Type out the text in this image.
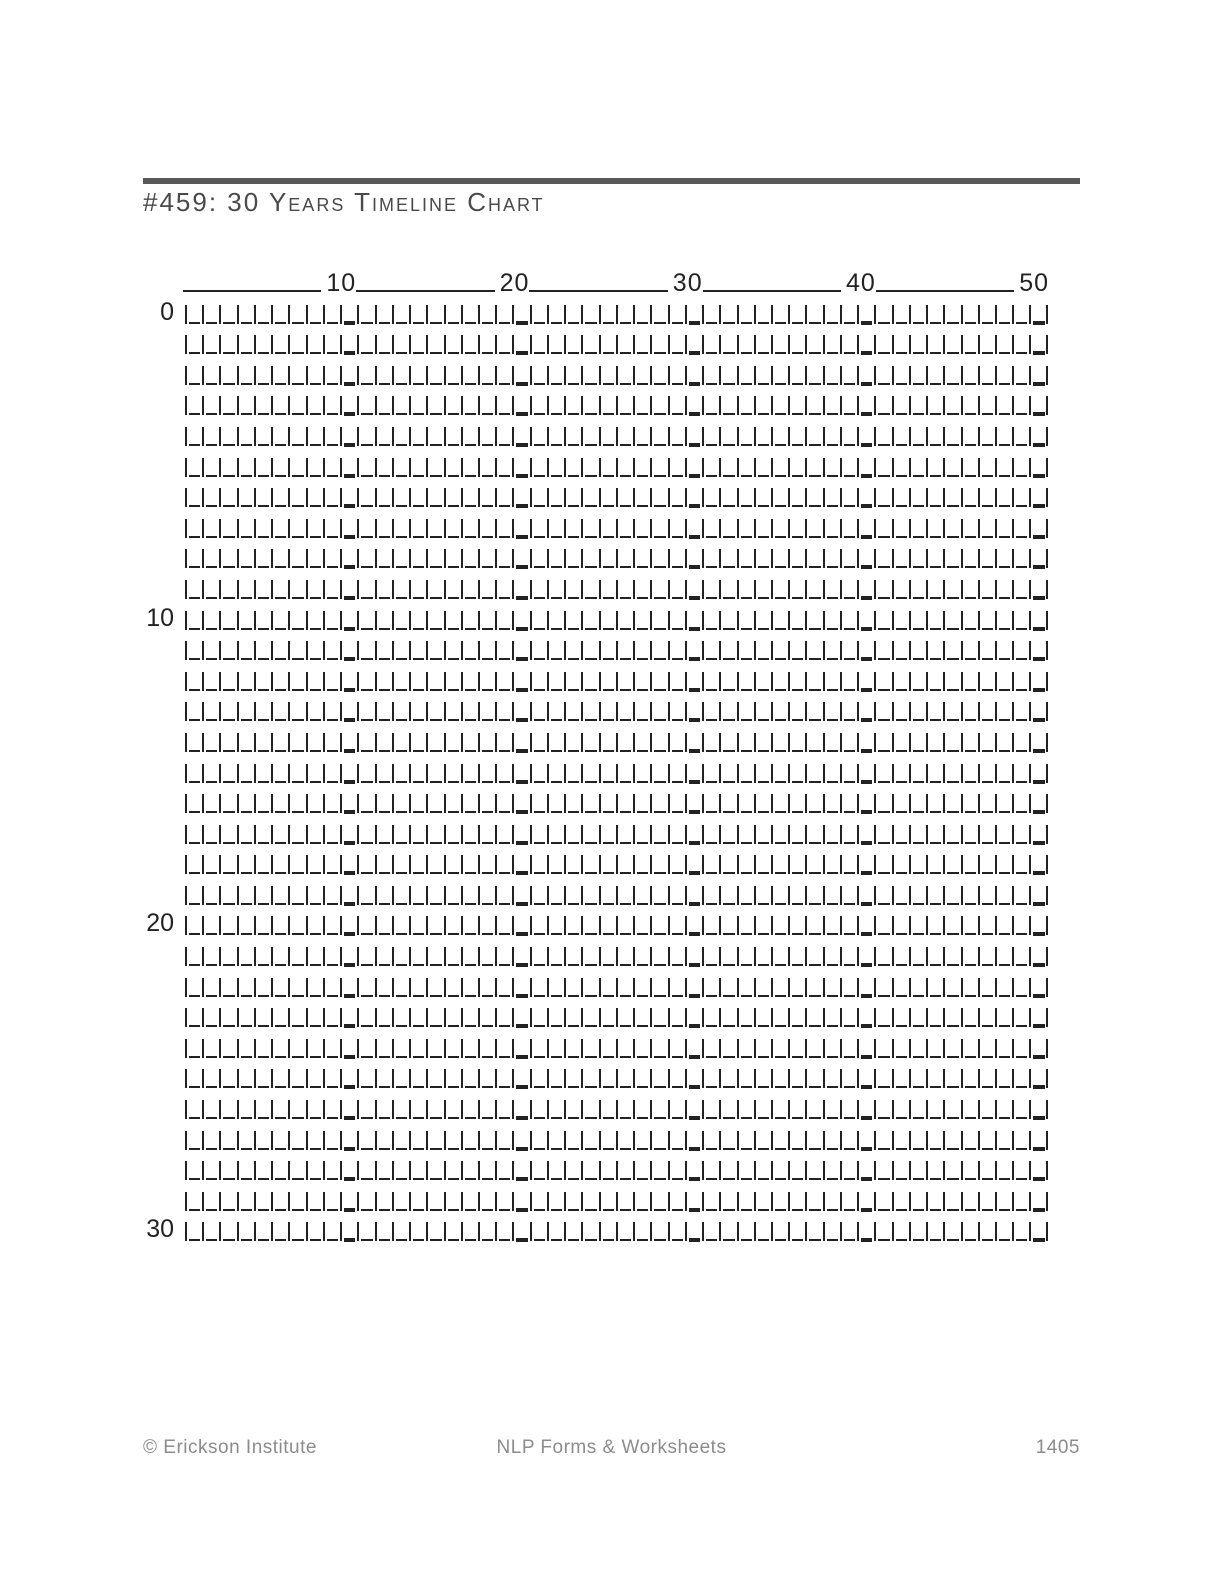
#459: 30 Years Timeline Chart
10	20	30	40	50
0
10
20
30
© Erickson Institute	NLP Forms & Worksheets	1405
